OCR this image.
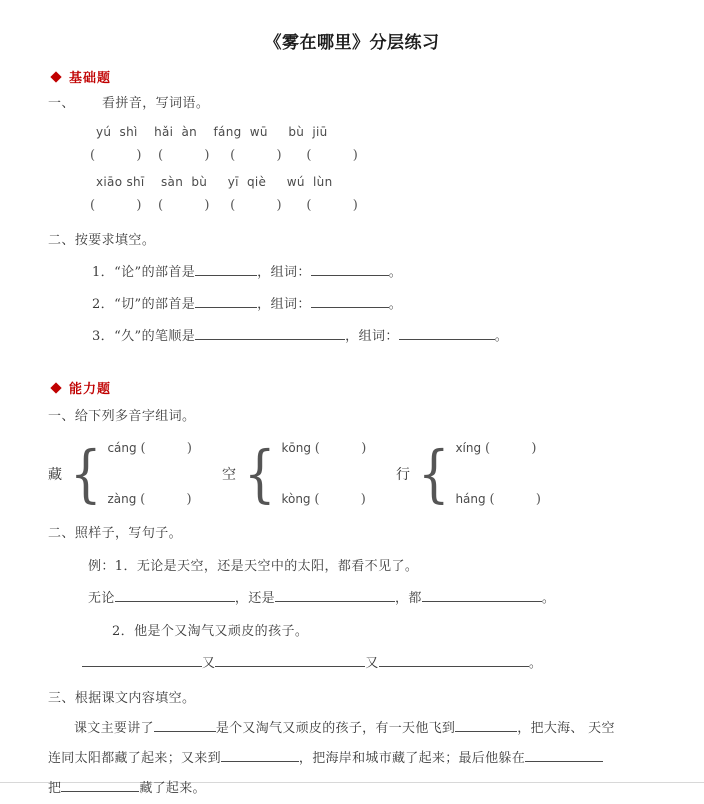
《雾在哪里》分层练习

基础题

一、 看拼音，写词语。
yú  shì    hǎi  àn    fáng  wū     bù  jiū
(          )    (          )     (          )      (          )
xiāo shī    sàn  bù     yī  qiè     wú  lùn
(          )    (          )     (          )      (          )
二、按要求填空。
1．“论”的部首是	，组词：	。
2．“切”的部首是	，组词：	。
3．“久”的笔顺是	，组词：	。

能力题

一、给下列多音字组词。
藏 { cáng (          )
zàng (          )
空 { kōng (          )
kòng (          )
行 { xíng (          )
háng (          )
二、照样子，写句子。
例：1．无论是天空，还是天空中的太阳，都看不见了。
无论	，还是	，都	。
2．他是个又淘气又顽皮的孩子。
又	又	。
三、根据课文内容填空。
课文主要讲了	是个又淘气又顽皮的孩子，有一天他飞到	，把大海、 天空
连同太阳都藏了起来；又来到	，把海岸和城市藏了起来；最后他躲在
把	藏了起来。
